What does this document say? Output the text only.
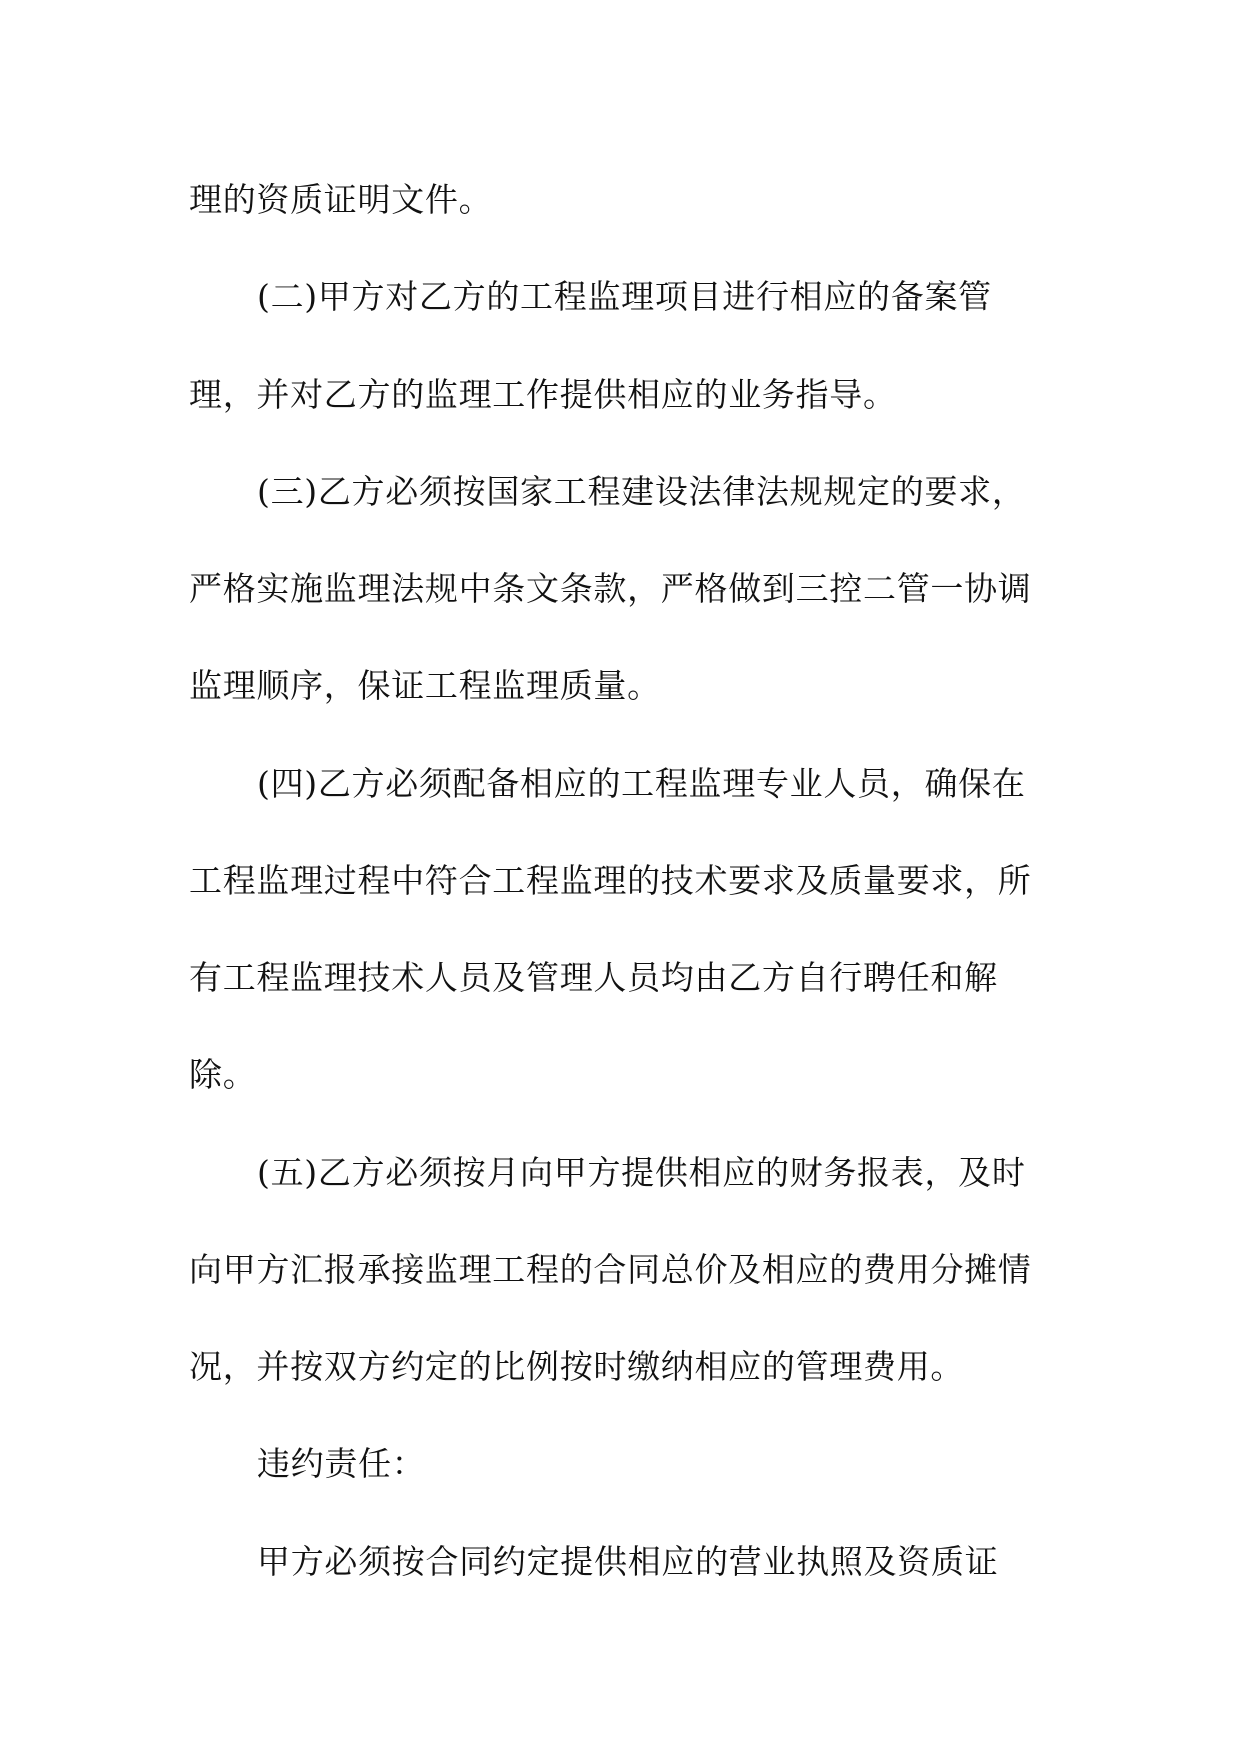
理的资质证明文件。
(二)甲方对乙方的工程监理项目进行相应的备案管
理，并对乙方的监理工作提供相应的业务指导。
(三)乙方必须按国家工程建设法律法规规定的要求，
严格实施监理法规中条文条款，严格做到三控二管一协调
监理顺序，保证工程监理质量。
(四)乙方必须配备相应的工程监理专业人员，确保在
工程监理过程中符合工程监理的技术要求及质量要求，所
有工程监理技术人员及管理人员均由乙方自行聘任和解
除。
(五)乙方必须按月向甲方提供相应的财务报表，及时
向甲方汇报承接监理工程的合同总价及相应的费用分摊情
况，并按双方约定的比例按时缴纳相应的管理费用。
违约责任：
甲方必须按合同约定提供相应的营业执照及资质证
